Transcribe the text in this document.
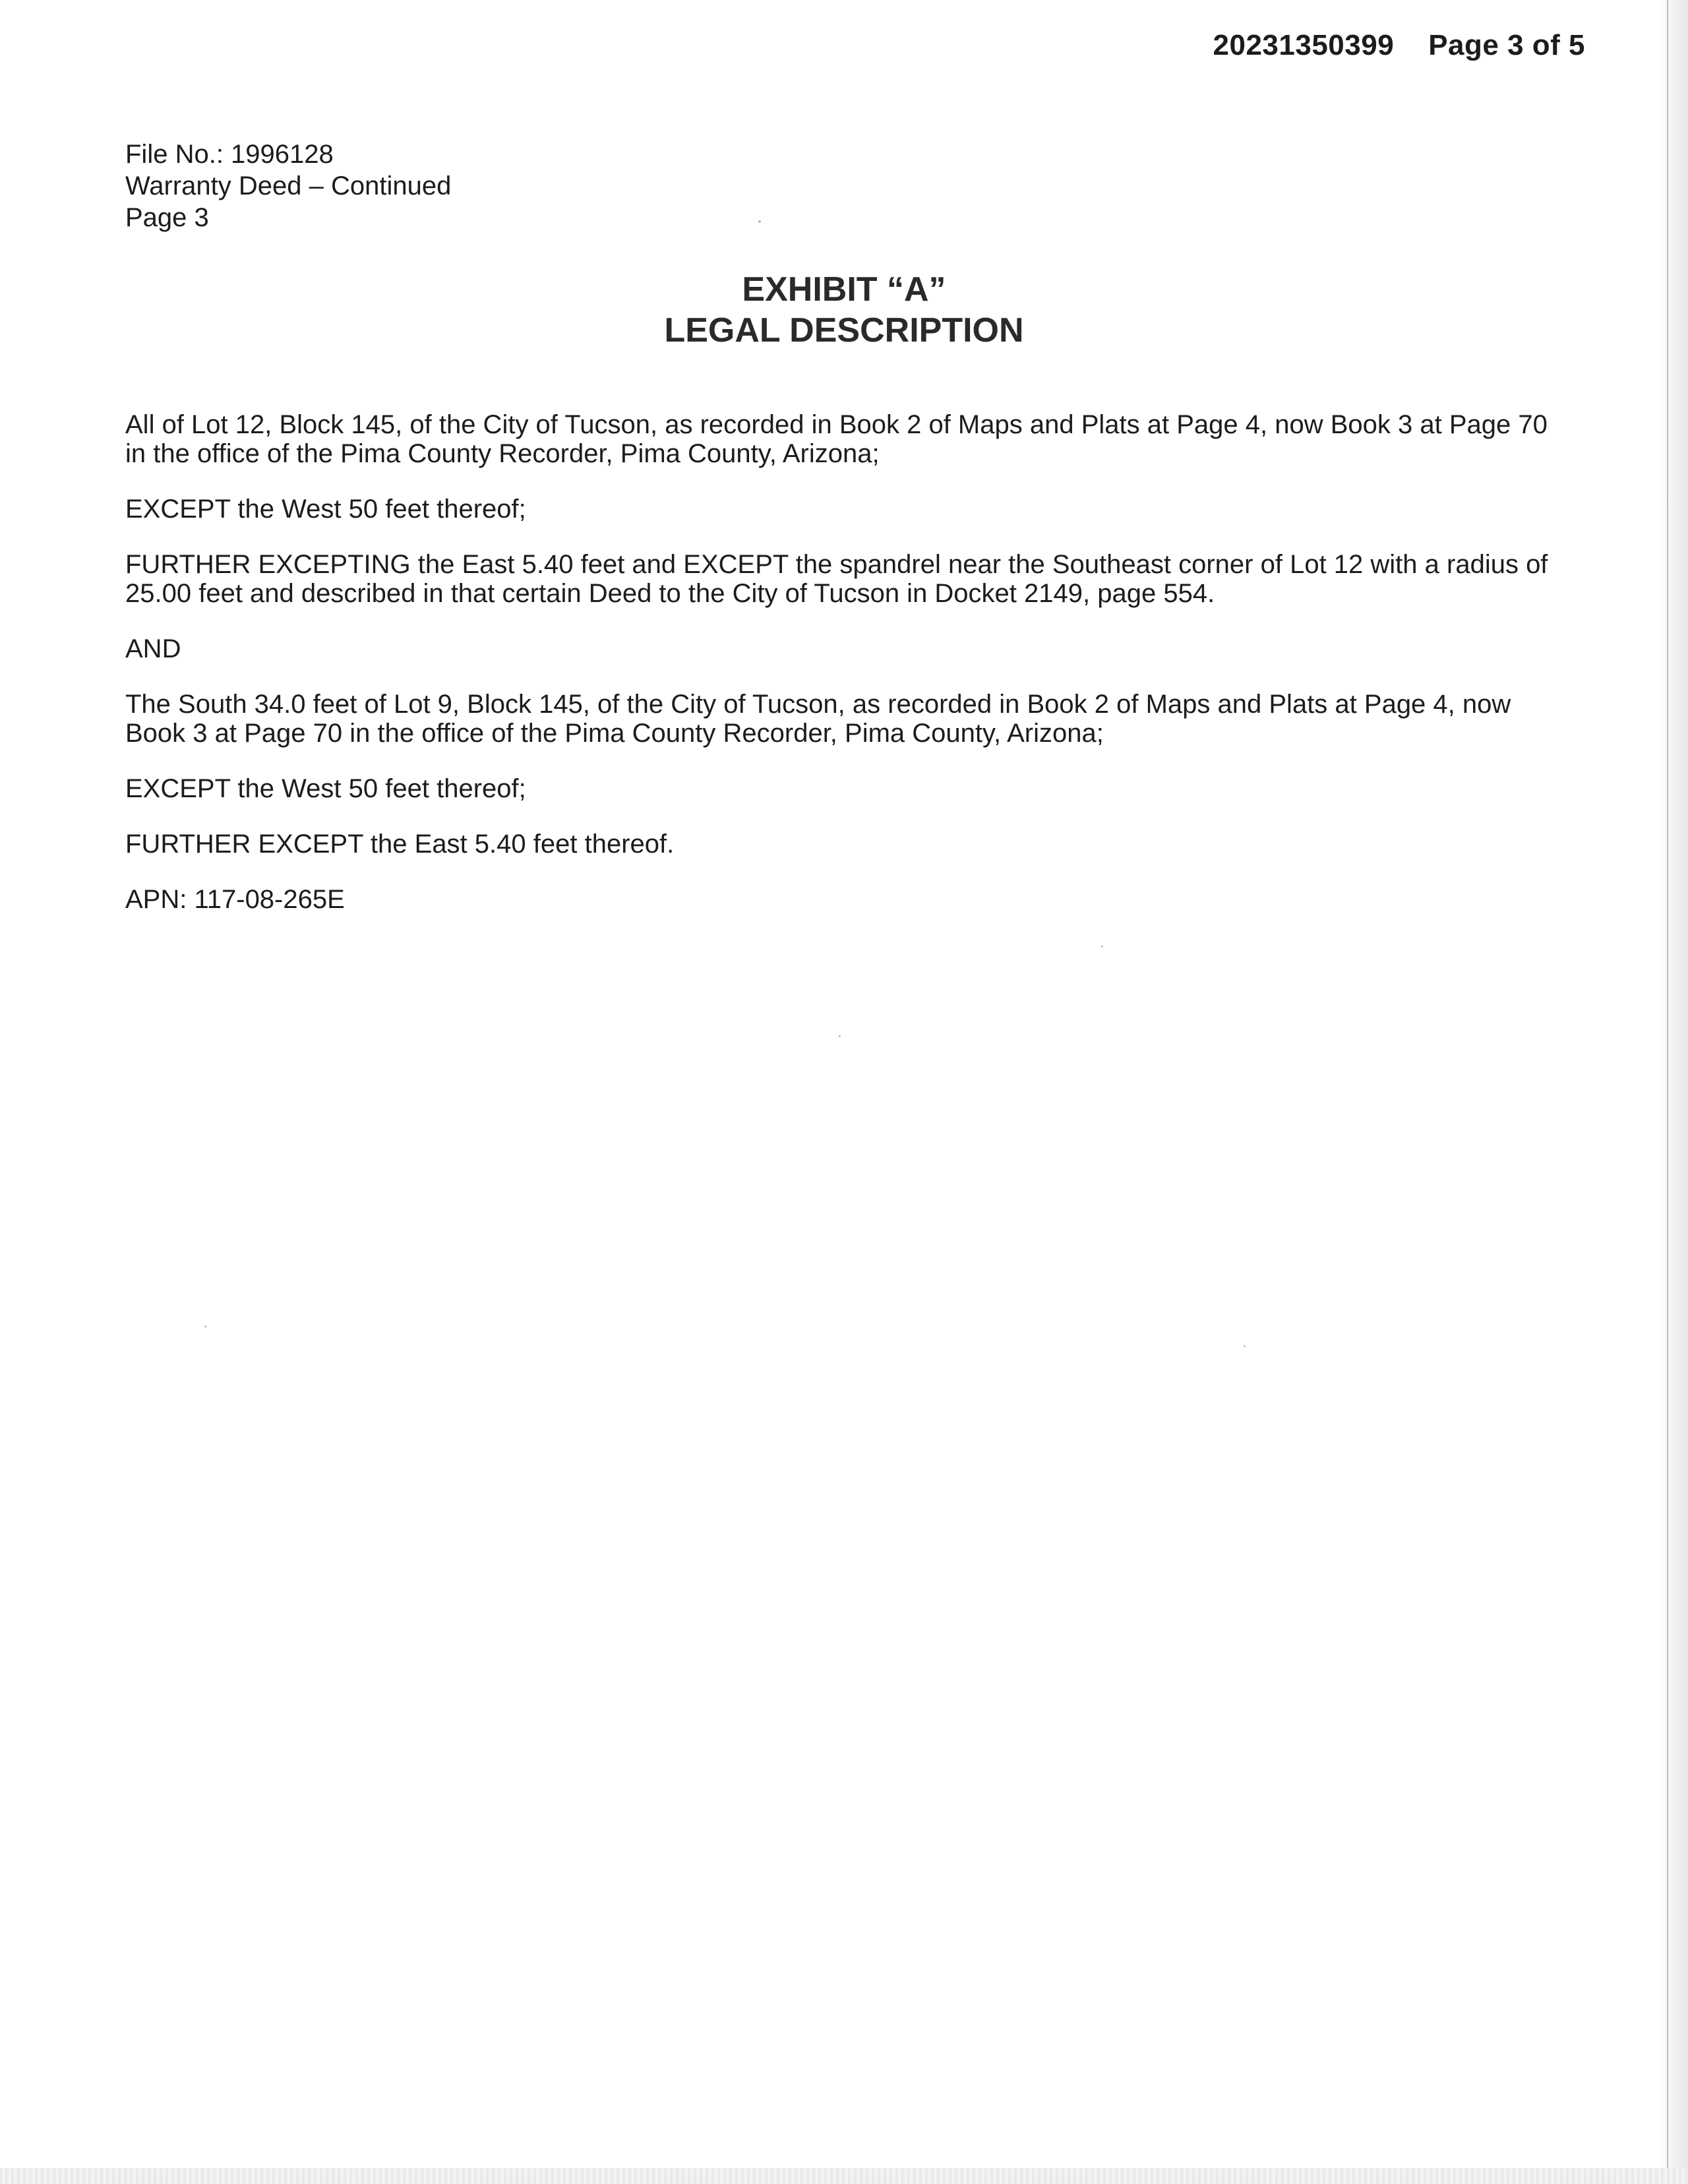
20231350399 Page 3 of 5
File No.: 1996128
Warranty Deed – Continued
Page 3
EXHIBIT “A”
LEGAL DESCRIPTION

All of Lot 12, Block 145, of the City of Tucson, as recorded in Book 2 of Maps and Plats at Page 4, now Book 3 at Page 70 in the office of the Pima County Recorder, Pima County, Arizona;

EXCEPT the West 50 feet thereof;

FURTHER EXCEPTING the East 5.40 feet and EXCEPT the spandrel near the Southeast corner of Lot 12 with a radius of 25.00 feet and described in that certain Deed to the City of Tucson in Docket 2149, page 554.

AND

The South 34.0 feet of Lot 9, Block 145, of the City of Tucson, as recorded in Book 2 of Maps and Plats at Page 4, now Book 3 at Page 70 in the office of the Pima County Recorder, Pima County, Arizona;

EXCEPT the West 50 feet thereof;

FURTHER EXCEPT the East 5.40 feet thereof.

APN: 117-08-265E
